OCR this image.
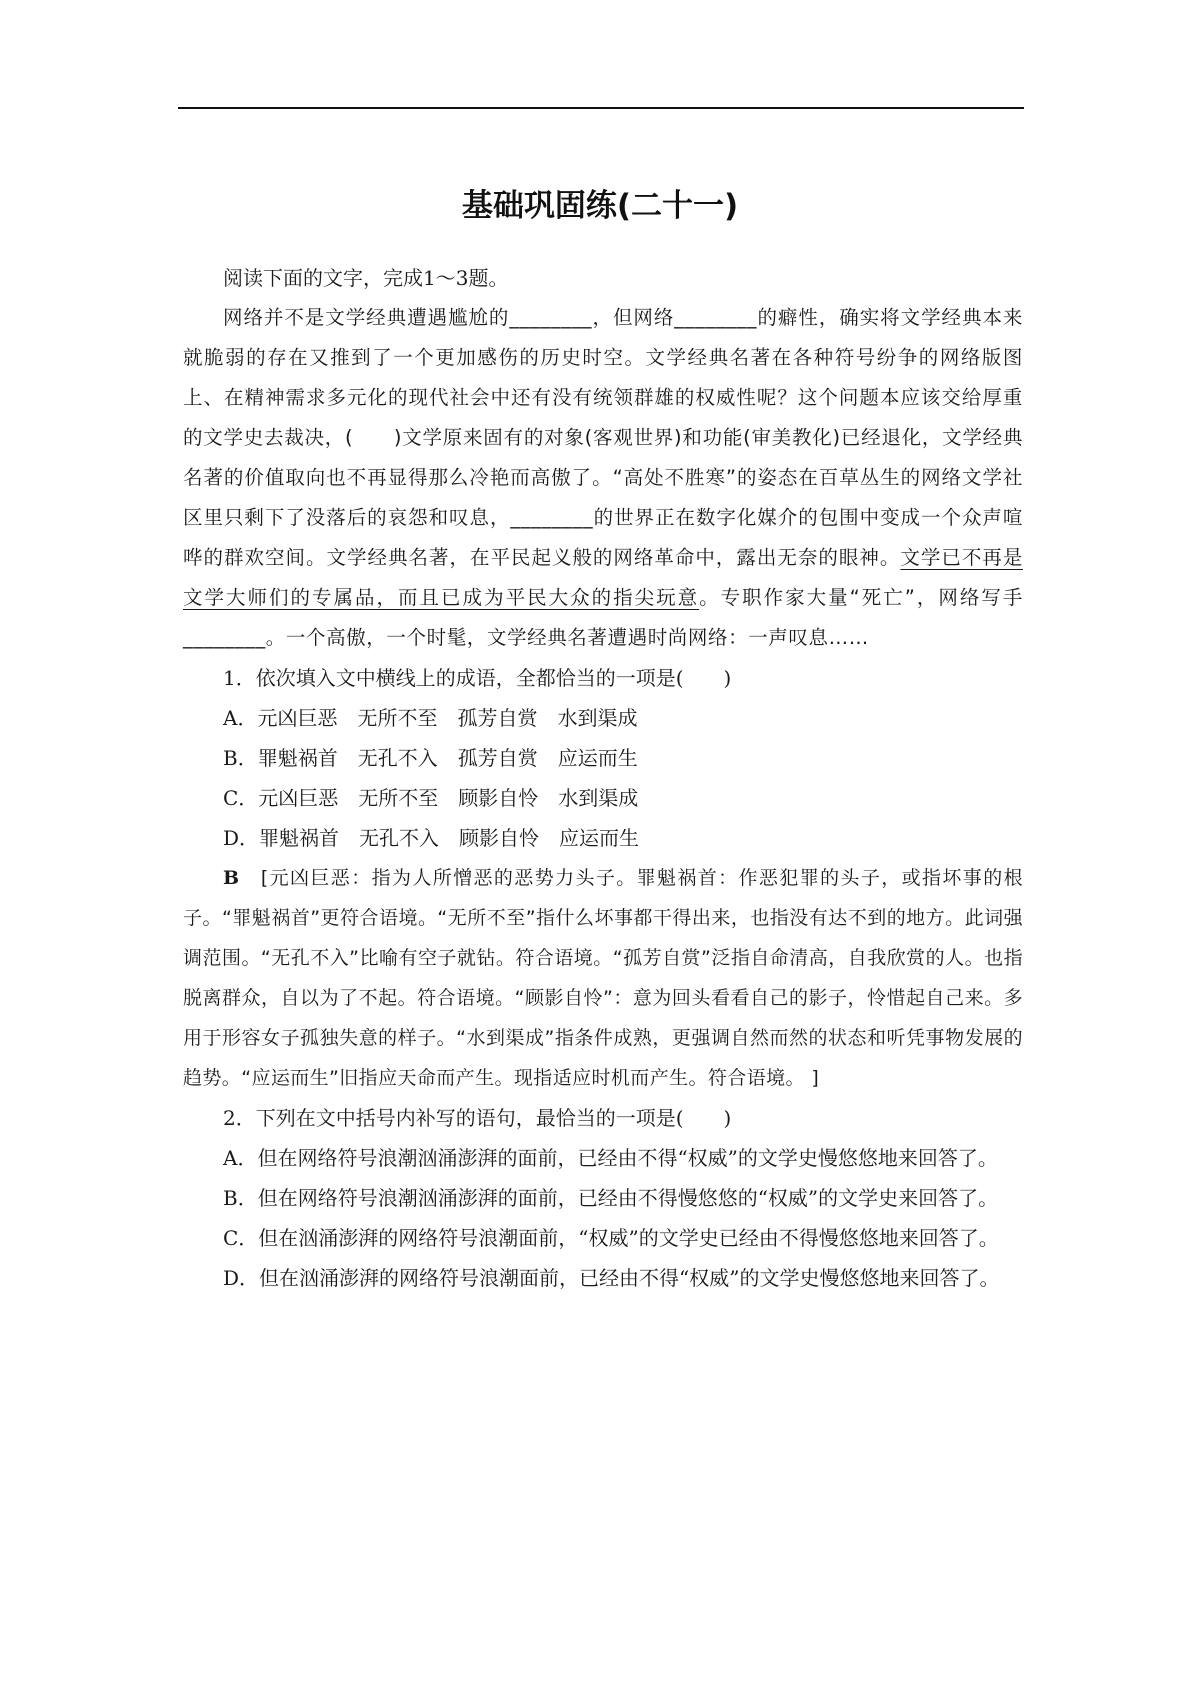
基础巩固练(二十一)

阅读下面的文字，完成1～3题。

网络并不是文学经典遭遇尴尬的________，但网络________的癖性，确实将文学经典本来就脆弱的存在又推到了一个更加感伤的历史时空。文学经典名著在各种符号纷争的网络版图上、在精神需求多元化的现代社会中还有没有统领群雄的权威性呢？这个问题本应该交给厚重的文学史去裁决，(　　)文学原来固有的对象(客观世界)和功能(审美教化)已经退化，文学经典名著的价值取向也不再显得那么冷艳而高傲了。“高处不胜寒”的姿态在百草丛生的网络文学社区里只剩下了没落后的哀怨和叹息，________的世界正在数字化媒介的包围中变成一个众声喧哗的群欢空间。文学经典名著，在平民起义般的网络革命中，露出无奈的眼神。文学已不再是文学大师们的专属品，而且已成为平民大众的指尖玩意。专职作家大量“死亡”，网络写手________。一个高傲，一个时髦，文学经典名著遭遇时尚网络：一声叹息……

1．依次填入文中横线上的成语，全都恰当的一项是(　　)

A．元凶巨恶　无所不至　孤芳自赏　水到渠成

B．罪魁祸首　无孔不入　孤芳自赏　应运而生

C．元凶巨恶　无所不至　顾影自怜　水到渠成

D．罪魁祸首　无孔不入　顾影自怜　应运而生

B　 [元凶巨恶：指为人所憎恶的恶势力头子。罪魁祸首：作恶犯罪的头子，或指坏事的根子。“罪魁祸首”更符合语境。“无所不至”指什么坏事都干得出来，也指没有达不到的地方。此词强调范围。“无孔不入”比喻有空子就钻。符合语境。“孤芳自赏”泛指自命清高，自我欣赏的人。也指脱离群众，自以为了不起。符合语境。“顾影自怜”：意为回头看看自己的影子，怜惜起自己来。多用于形容女子孤独失意的样子。“水到渠成”指条件成熟，更强调自然而然的状态和听凭事物发展的趋势。“应运而生”旧指应天命而产生。现指适应时机而产生。符合语境。 ]

2．下列在文中括号内补写的语句，最恰当的一项是(　　)

A．但在网络符号浪潮汹涌澎湃的面前，已经由不得“权威”的文学史慢悠悠地来回答了。

B．但在网络符号浪潮汹涌澎湃的面前，已经由不得慢悠悠的“权威”的文学史来回答了。

C．但在汹涌澎湃的网络符号浪潮面前，“权威”的文学史已经由不得慢悠悠地来回答了。

D．但在汹涌澎湃的网络符号浪潮面前，已经由不得“权威”的文学史慢悠悠地来回答了。
